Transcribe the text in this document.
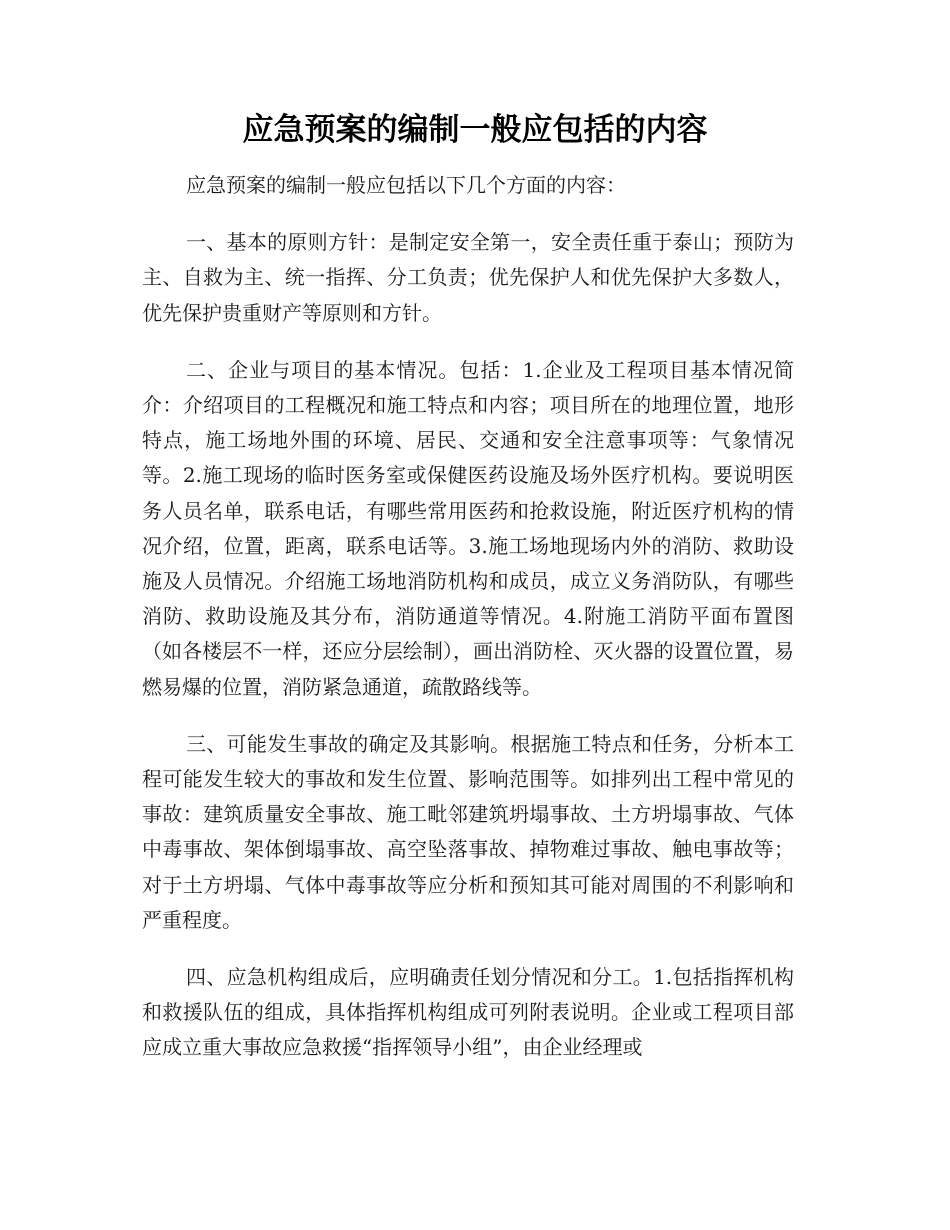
应急预案的编制一般应包括的内容

应急预案的编制一般应包括以下几个方面的内容：

一、基本的原则方针：是制定安全第一，安全责任重于泰山；预防为主、自救为主、统一指挥、分工负责；优先保护人和优先保护大多数人，优先保护贵重财产等原则和方针。

二、企业与项目的基本情况。包括：1.企业及工程项目基本情况简介：介绍项目的工程概况和施工特点和内容；项目所在的地理位置，地形特点，施工场地外围的环境、居民、交通和安全注意事项等：气象情况等。2.施工现场的临时医务室或保健医药设施及场外医疗机构。要说明医务人员名单，联系电话，有哪些常用医药和抢救设施，附近医疗机构的情况介绍，位置，距离，联系电话等。3.施工场地现场内外的消防、救助设施及人员情况。介绍施工场地消防机构和成员，成立义务消防队，有哪些消防、救助设施及其分布，消防通道等情况。4.附施工消防平面布置图（如各楼层不一样，还应分层绘制），画出消防栓、灭火器的设置位置，易燃易爆的位置，消防紧急通道，疏散路线等。

三、可能发生事故的确定及其影响。根据施工特点和任务，分析本工程可能发生较大的事故和发生位置、影响范围等。如排列出工程中常见的事故：建筑质量安全事故、施工毗邻建筑坍塌事故、土方坍塌事故、气体中毒事故、架体倒塌事故、高空坠落事故、掉物难过事故、触电事故等；对于土方坍塌、气体中毒事故等应分析和预知其可能对周围的不利影响和严重程度。

四、应急机构组成后，应明确责任划分情况和分工。1.包括指挥机构和救援队伍的组成，具体指挥机构组成可列附表说明。企业或工程项目部应成立重大事故应急救援“指挥领导小组”，由企业经理或
